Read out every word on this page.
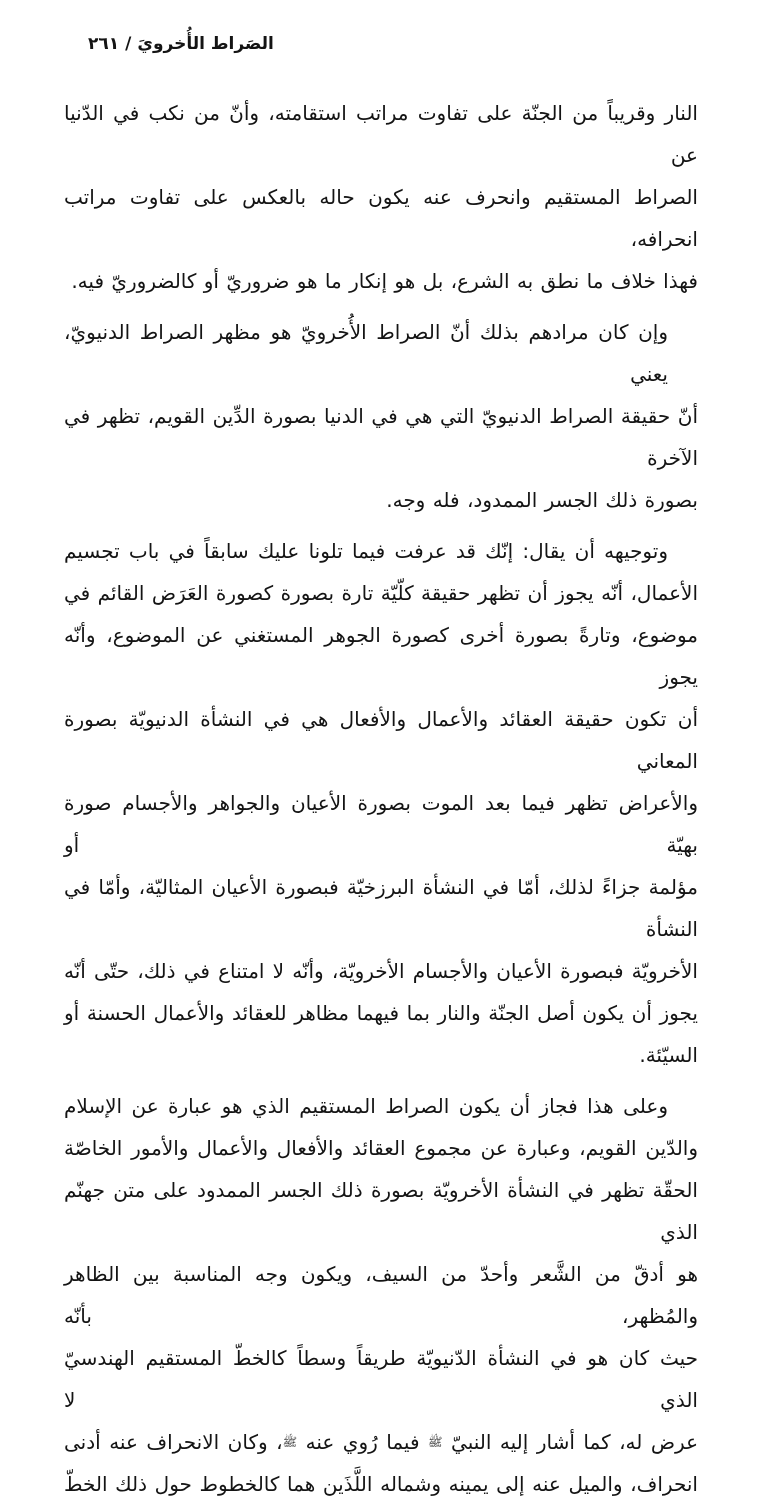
الصَراط الأُخرويَ/٢٦١
النار وقريباً من الجنّة على تفاوت مراتب استقامته، وأنّ من نكب في الدّنيا عن
الصراط المستقيم وانحرف عنه يكون حاله بالعكس على تفاوت مراتب انحرافه،
فهذا خلاف ما نطق به الشرع، بل هو إنكار ما هو ضروريّ أو كالضروريّ فيه.
وإن كان مرادهم بذلك أنّ الصراط الأُخرويّ هو مظهر الصراط الدنيويّ، يعني
أنّ حقيقة الصراط الدنيويّ التي هي في الدنيا بصورة الدِّين القويم، تظهر في الآخرة
بصورة ذلك الجسر الممدود، فله وجه.
وتوجيهه أن يقال: إنّك قد عرفت فيما تلونا عليك سابقاً في باب تجسيم
الأعمال، أنّه يجوز أن تظهر حقيقة كلّيّة تارة بصورة كصورة العَرَض القائم في
موضوع، وتارةً بصورة أخرى كصورة الجوهر المستغني عن الموضوع، وأنّه يجوز
أن تكون حقيقة العقائد والأعمال والأفعال هي في النشأة الدنيويّة بصورة المعاني
والأعراض تظهر فيما بعد الموت بصورة الأعيان والجواهر والأجسام صورة بهيّة أو
مؤلمة جزاءً لذلك، أمّا في النشأة البرزخيّة فبصورة الأعيان المثاليّة، وأمّا في النشأة
الأخرويّة فبصورة الأعيان والأجسام الأخرويّة، وأنّه لا امتناع في ذلك، حتّى أنّه
يجوز أن يكون أصل الجنّة والنار بما فيهما مظاهر للعقائد والأعمال الحسنة أو
السيّئة.
وعلى هذا فجاز أن يكون الصراط المستقيم الذي هو عبارة عن الإسلام
والدّين القويم، وعبارة عن مجموع العقائد والأفعال والأعمال والأمور الخاصّة
الحقّة تظهر في النشأة الأخرويّة بصورة ذلك الجسر الممدود على متن جهنّم الذي
هو أدقّ من الشَّعر وأحدّ من السيف، ويكون وجه المناسبة بين الظاهر والمُظهر، بأنّه
حيث كان هو في النشأة الدّنيويّة طريقاً وسطاً كالخطّ المستقيم الهندسيّ الذي لا
عرض له، كما أشار إليه النبيّ ﷺ فيما رُوي عنه ﷺ، وكان الانحراف عنه أدنى
انحراف، والميل عنه إلى يمينه وشماله اللَّذَين هما كالخطوط حول ذلك الخطّ
